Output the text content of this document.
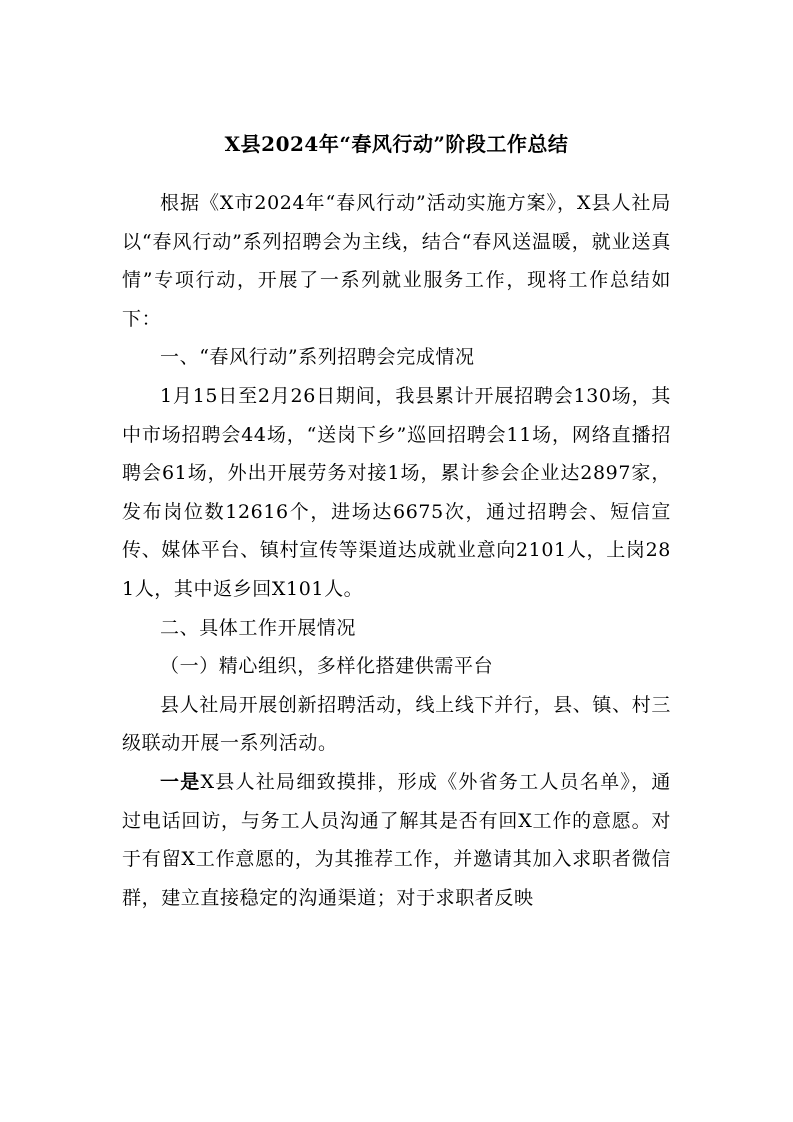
X县2024年“春风行动”阶段工作总结

根据《X市2024年“春风行动”活动实施方案》，X县人社局以“春风行动”系列招聘会为主线，结合“春风送温暖，就业送真情”专项行动，开展了一系列就业服务工作，现将工作总结如下：

一、“春风行动”系列招聘会完成情况

1月15日至2月26日期间，我县累计开展招聘会130场，其中市场招聘会44场，“送岗下乡”巡回招聘会11场，网络直播招聘会61场，外出开展劳务对接1场，累计参会企业达2897家，发布岗位数12616个，进场达6675次，通过招聘会、短信宣传、媒体平台、镇村宣传等渠道达成就业意向2101人，上岗281人，其中返乡回X101人。

二、具体工作开展情况

（一）精心组织，多样化搭建供需平台

县人社局开展创新招聘活动，线上线下并行，县、镇、村三级联动开展一系列活动。

一是X县人社局细致摸排，形成《外省务工人员名单》，通过电话回访，与务工人员沟通了解其是否有回X工作的意愿。对于有留X工作意愿的，为其推荐工作，并邀请其加入求职者微信群，建立直接稳定的沟通渠道；对于求职者反映
